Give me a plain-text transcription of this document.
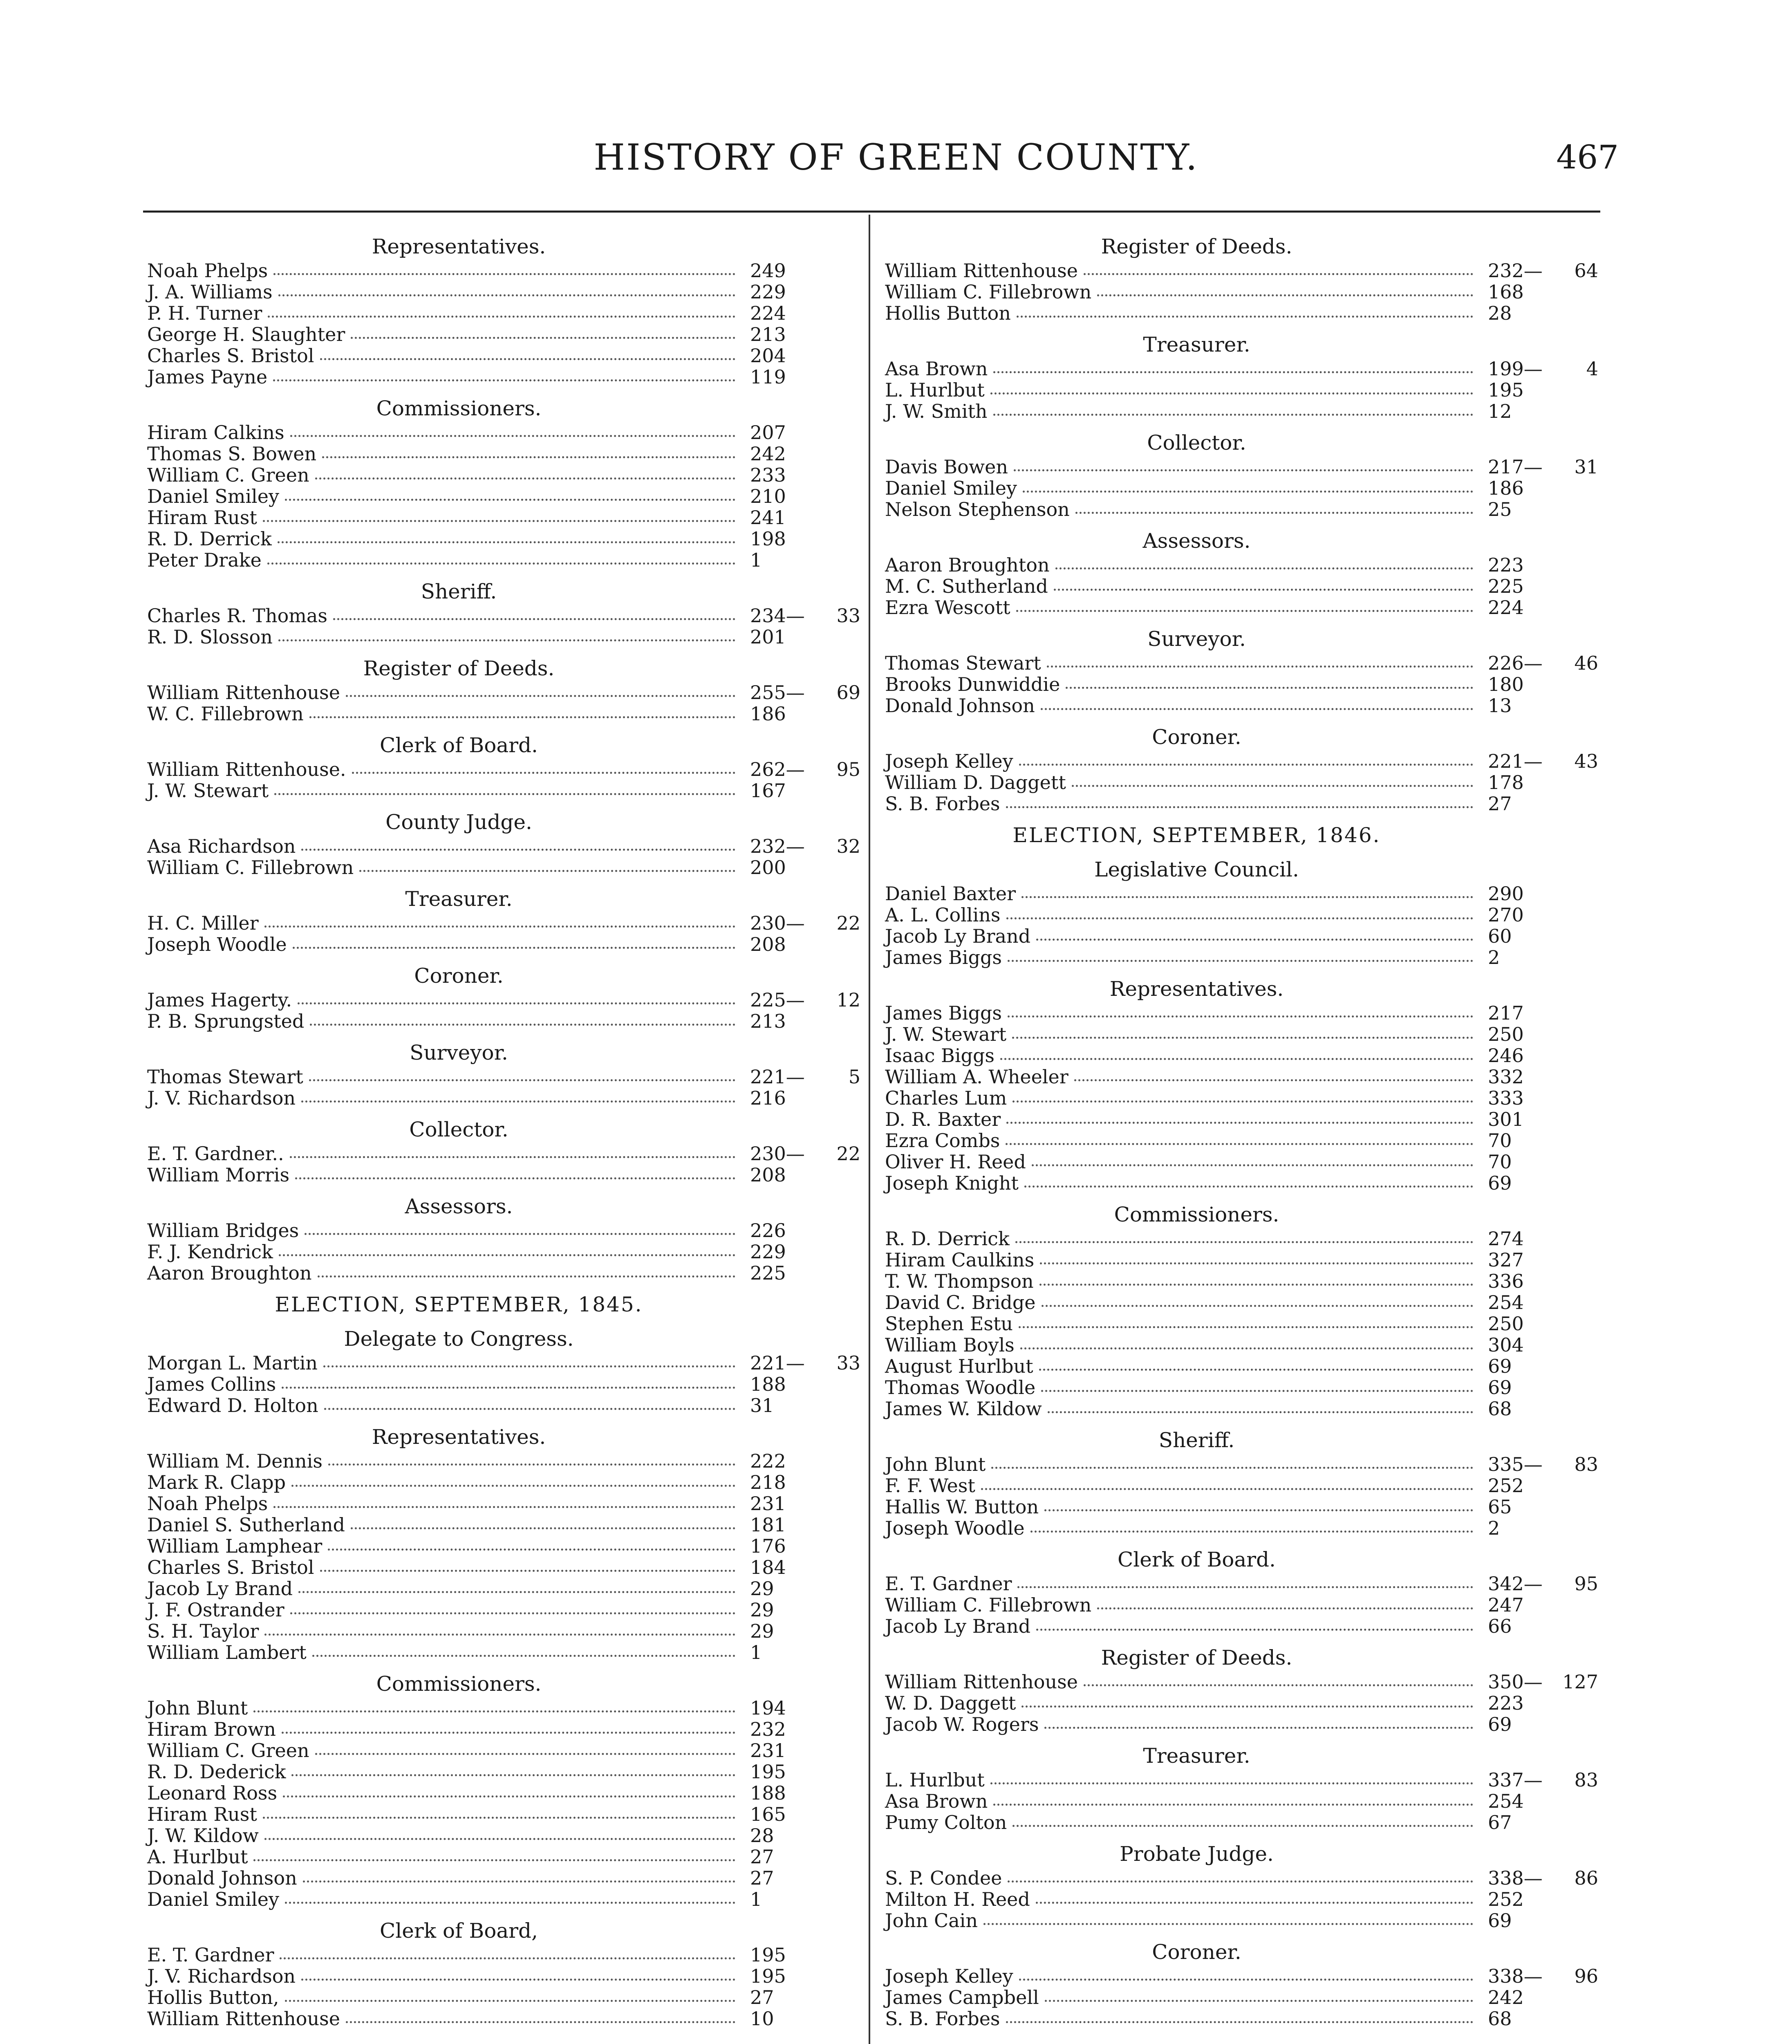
HISTORY OF GREEN COUNTY.	467
Representatives.
Noah Phelps	249
J. A. Williams	229
P. H. Turner	224
George H. Slaughter	213
Charles S. Bristol	204
James Payne	119
Commissioners.
Hiram Calkins	207
Thomas S. Bowen	242
William C. Green	233
Daniel Smiley	210
Hiram Rust	241
R. D. Derrick	198
Peter Drake	1
Sheriff.
Charles R. Thomas	234—	33
R. D. Slosson	201
Register of Deeds.
William Rittenhouse	255—	69
W. C. Fillebrown	186
Clerk of Board.
William Rittenhouse.	262—	95
J. W. Stewart	167
County Judge.
Asa Richardson	232—	32
William C. Fillebrown	200
Treasurer.
H. C. Miller	230—	22
Joseph Woodle	208
Coroner.
James Hagerty.	225—	12
P. B. Sprungsted	213
Surveyor.
Thomas Stewart	221—	5
J. V. Richardson	216
Collector.
E. T. Gardner..	230—	22
William Morris	208
Assessors.
William Bridges	226
F. J. Kendrick	229
Aaron Broughton	225
ELECTION, SEPTEMBER, 1845.
Delegate to Congress.
Morgan L. Martin	221—	33
James Collins	188
Edward D. Holton	31
Representatives.
William M. Dennis	222
Mark R. Clapp	218
Noah Phelps	231
Daniel S. Sutherland	181
William Lamphear	176
Charles S. Bristol	184
Jacob Ly Brand	29
J. F. Ostrander	29
S. H. Taylor	29
William Lambert	1
Commissioners.
John Blunt	194
Hiram Brown	232
William C. Green	231
R. D. Dederick	195
Leonard Ross	188
Hiram Rust	165
J. W. Kildow	28
A. Hurlbut	27
Donald Johnson	27
Daniel Smiley	1
Clerk of Board,
E. T. Gardner	195
J. V. Richardson	195
Hollis Button,	27
William Rittenhouse	10
Register of Deeds.
William Rittenhouse	232—	64
William C. Fillebrown	168
Hollis Button	28
Treasurer.
Asa Brown	199—	4
L. Hurlbut	195
J. W. Smith	12
Collector.
Davis Bowen	217—	31
Daniel Smiley	186
Nelson Stephenson	25
Assessors.
Aaron Broughton	223
M. C. Sutherland	225
Ezra Wescott	224
Surveyor.
Thomas Stewart	226—	46
Brooks Dunwiddie	180
Donald Johnson	13
Coroner.
Joseph Kelley	221—	43
William D. Daggett	178
S. B. Forbes	27
ELECTION, SEPTEMBER, 1846.
Legislative Council.
Daniel Baxter	290
A. L. Collins	270
Jacob Ly Brand	60
James Biggs	2
Representatives.
James Biggs	217
J. W. Stewart	250
Isaac Biggs	246
William A. Wheeler	332
Charles Lum	333
D. R. Baxter	301
Ezra Combs	70
Oliver H. Reed	70
Joseph Knight	69
Commissioners.
R. D. Derrick	274
Hiram Caulkins	327
T. W. Thompson	336
David C. Bridge	254
Stephen Estu	250
William Boyls	304
August Hurlbut	69
Thomas Woodle	69
James W. Kildow	68
Sheriff.
John Blunt	335—	83
F. F. West	252
Hallis W. Button	65
Joseph Woodle	2
Clerk of Board.
E. T. Gardner	342—	95
William C. Fillebrown	247
Jacob Ly Brand	66
Register of Deeds.
William Rittenhouse	350—	127
W. D. Daggett	223
Jacob W. Rogers	69
Treasurer.
L. Hurlbut	337—	83
Asa Brown	254
Pumy Colton	67
Probate Judge.
S. P. Condee	338—	86
Milton H. Reed	252
John Cain	69
Coroner.
Joseph Kelley	338—	96
James Campbell	242
S. B. Forbes	68
